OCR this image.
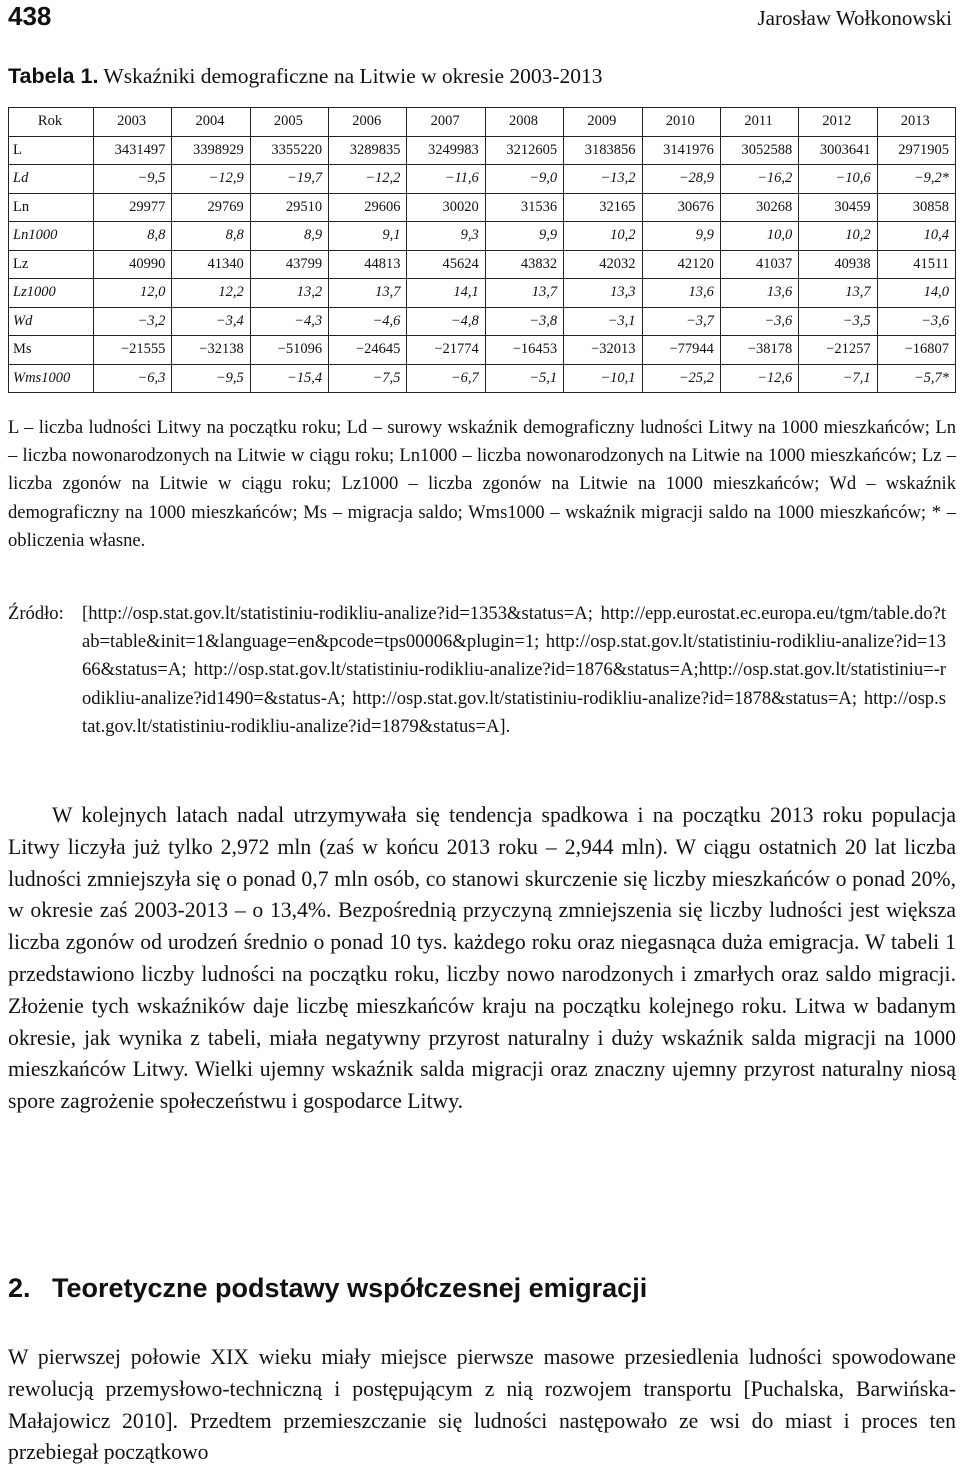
438	Jarosław Wołkonowski
Tabela 1. Wskaźniki demograficzne na Litwie w okresie 2003-2013
Rok	2003	2004	2005	2006	2007	2008	2009	2010	2011	2012	2013
L	3431497	3398929	3355220	3289835	3249983	3212605	3183856	3141976	3052588	3003641	2971905
Ld	−9,5	−12,9	−19,7	−12,2	−11,6	−9,0	−13,2	−28,9	−16,2	−10,6	−9,2*
Ln	29977	29769	29510	29606	30020	31536	32165	30676	30268	30459	30858
Ln1000	8,8	8,8	8,9	9,1	9,3	9,9	10,2	9,9	10,0	10,2	10,4
Lz	40990	41340	43799	44813	45624	43832	42032	42120	41037	40938	41511
Lz1000	12,0	12,2	13,2	13,7	14,1	13,7	13,3	13,6	13,6	13,7	14,0
Wd	−3,2	−3,4	−4,3	−4,6	−4,8	−3,8	−3,1	−3,7	−3,6	−3,5	−3,6
Ms	−21555	−32138	−51096	−24645	−21774	−16453	−32013	−77944	−38178	−21257	−16807
Wms1000	−6,3	−9,5	−15,4	−7,5	−6,7	−5,1	−10,1	−25,2	−12,6	−7,1	−5,7*
L – liczba ludności Litwy na początku roku; Ld – surowy wskaźnik demograficzny ludności Litwy na 1000 mieszkańców; Ln – liczba nowonarodzonych na Litwie w ciągu roku; Ln1000 – liczba nowonarodzonych na Litwie na 1000 mieszkańców; Lz – liczba zgonów na Litwie w ciągu roku; Lz1000 – liczba zgonów na Litwie na 1000 mieszkańców; Wd – wskaźnik demograficzny na 1000 mieszkańców; Ms – migracja saldo; Wms1000 – wskaźnik migracji saldo na 1000 mieszkańców; * – obliczenia własne.
Źródło: [http://osp.stat.gov.lt/statistiniu-rodikliu-analize?id=1353&status=A; http://epp.eurostat.ec.europa.eu/tgm/table.do?tab=table&init=1&language=en&pcode=tps00006&plugin=1; http://osp.stat.gov.lt/statistiniu-rodikliu-analize?id=1366&status=A; http://osp.stat.gov.lt/statistiniu-rodikliu-analize?id=1876&status=A;http://osp.stat.gov.lt/statistiniu=-rodikliu-analize?id1490=&status-A; http://osp.stat.gov.lt/statistiniu-rodikliu-analize?id=1878&status=A; http://osp.stat.gov.lt/statistiniu-rodikliu-analize?id=1879&status=A].

W kolejnych latach nadal utrzymywała się tendencja spadkowa i na początku 2013 roku populacja Litwy liczyła już tylko 2,972 mln (zaś w końcu 2013 roku – 2,944 mln). W ciągu ostatnich 20 lat liczba ludności zmniejszyła się o ponad 0,7 mln osób, co stanowi skurczenie się liczby mieszkańców o ponad 20%, w okresie zaś 2003-2013 – o 13,4%. Bezpośrednią przyczyną zmniejszenia się liczby ludności jest większa liczba zgonów od urodzeń średnio o ponad 10 tys. każdego roku oraz niegasnąca duża emigracja. W tabeli 1 przedstawiono liczby ludności na początku roku, liczby nowo narodzonych i zmarłych oraz saldo migracji. Złożenie tych wskaźników daje liczbę mieszkańców kraju na początku kolejnego roku. Litwa w badanym okresie, jak wynika z tabeli, miała negatywny przyrost naturalny i duży wskaźnik salda migracji na 1000 mieszkańców Litwy. Wielki ujemny wskaźnik salda migracji oraz znaczny ujemny przyrost naturalny niosą spore zagrożenie społeczeństwu i gospodarce Litwy.

2. Teoretyczne podstawy współczesnej emigracji

W pierwszej połowie XIX wieku miały miejsce pierwsze masowe przesiedlenia ludności spowodowane rewolucją przemysłowo-techniczną i postępującym z nią rozwojem transportu [Puchalska, Barwińska-Małajowicz 2010]. Przedtem przemieszczanie się ludności następowało ze wsi do miast i proces ten przebiegał początkowo
